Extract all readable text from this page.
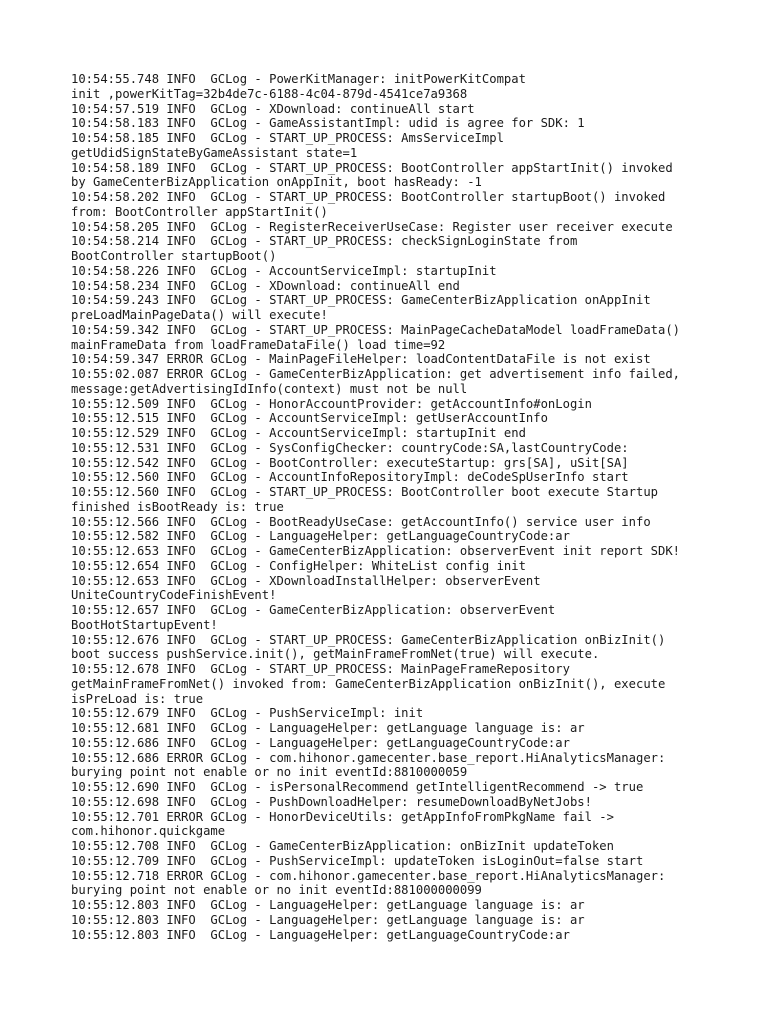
10:54:55.748 INFO  GCLog - PowerKitManager: initPowerKitCompat
init ,powerKitTag=32b4de7c-6188-4c04-879d-4541ce7a9368
10:54:57.519 INFO  GCLog - XDownload: continueAll start
10:54:58.183 INFO  GCLog - GameAssistantImpl: udid is agree for SDK: 1
10:54:58.185 INFO  GCLog - START_UP_PROCESS: AmsServiceImpl
getUdidSignStateByGameAssistant state=1
10:54:58.189 INFO  GCLog - START_UP_PROCESS: BootController appStartInit() invoked
by GameCenterBizApplication onAppInit, boot hasReady: -1
10:54:58.202 INFO  GCLog - START_UP_PROCESS: BootController startupBoot() invoked
from: BootController appStartInit()
10:54:58.205 INFO  GCLog - RegisterReceiverUseCase: Register user receiver execute
10:54:58.214 INFO  GCLog - START_UP_PROCESS: checkSignLoginState from
BootController startupBoot()
10:54:58.226 INFO  GCLog - AccountServiceImpl: startupInit
10:54:58.234 INFO  GCLog - XDownload: continueAll end
10:54:59.243 INFO  GCLog - START_UP_PROCESS: GameCenterBizApplication onAppInit
preLoadMainPageData() will execute!
10:54:59.342 INFO  GCLog - START_UP_PROCESS: MainPageCacheDataModel loadFrameData()
mainFrameData from loadFrameDataFile() load time=92
10:54:59.347 ERROR GCLog - MainPageFileHelper: loadContentDataFile is not exist
10:55:02.087 ERROR GCLog - GameCenterBizApplication: get advertisement info failed,
message:getAdvertisingIdInfo(context) must not be null
10:55:12.509 INFO  GCLog - HonorAccountProvider: getAccountInfo#onLogin
10:55:12.515 INFO  GCLog - AccountServiceImpl: getUserAccountInfo
10:55:12.529 INFO  GCLog - AccountServiceImpl: startupInit end
10:55:12.531 INFO  GCLog - SysConfigChecker: countryCode:SA,lastCountryCode:
10:55:12.542 INFO  GCLog - BootController: executeStartup: grs[SA], uSit[SA]
10:55:12.560 INFO  GCLog - AccountInfoRepositoryImpl: deCodeSpUserInfo start
10:55:12.560 INFO  GCLog - START_UP_PROCESS: BootController boot execute Startup
finished isBootReady is: true
10:55:12.566 INFO  GCLog - BootReadyUseCase: getAccountInfo() service user info
10:55:12.582 INFO  GCLog - LanguageHelper: getLanguageCountryCode:ar
10:55:12.653 INFO  GCLog - GameCenterBizApplication: observerEvent init report SDK!
10:55:12.654 INFO  GCLog - ConfigHelper: WhiteList config init
10:55:12.653 INFO  GCLog - XDownloadInstallHelper: observerEvent
UniteCountryCodeFinishEvent!
10:55:12.657 INFO  GCLog - GameCenterBizApplication: observerEvent
BootHotStartupEvent!
10:55:12.676 INFO  GCLog - START_UP_PROCESS: GameCenterBizApplication onBizInit()
boot success pushService.init(), getMainFrameFromNet(true) will execute.
10:55:12.678 INFO  GCLog - START_UP_PROCESS: MainPageFrameRepository
getMainFrameFromNet() invoked from: GameCenterBizApplication onBizInit(), execute
isPreLoad is: true
10:55:12.679 INFO  GCLog - PushServiceImpl: init
10:55:12.681 INFO  GCLog - LanguageHelper: getLanguage language is: ar
10:55:12.686 INFO  GCLog - LanguageHelper: getLanguageCountryCode:ar
10:55:12.686 ERROR GCLog - com.hihonor.gamecenter.base_report.HiAnalyticsManager:
burying point not enable or no init eventId:8810000059
10:55:12.690 INFO  GCLog - isPersonalRecommend getIntelligentRecommend -> true
10:55:12.698 INFO  GCLog - PushDownloadHelper: resumeDownloadByNetJobs!
10:55:12.701 ERROR GCLog - HonorDeviceUtils: getAppInfoFromPkgName fail ->
com.hihonor.quickgame
10:55:12.708 INFO  GCLog - GameCenterBizApplication: onBizInit updateToken
10:55:12.709 INFO  GCLog - PushServiceImpl: updateToken isLoginOut=false start
10:55:12.718 ERROR GCLog - com.hihonor.gamecenter.base_report.HiAnalyticsManager:
burying point not enable or no init eventId:881000000099
10:55:12.803 INFO  GCLog - LanguageHelper: getLanguage language is: ar
10:55:12.803 INFO  GCLog - LanguageHelper: getLanguage language is: ar
10:55:12.803 INFO  GCLog - LanguageHelper: getLanguageCountryCode:ar
